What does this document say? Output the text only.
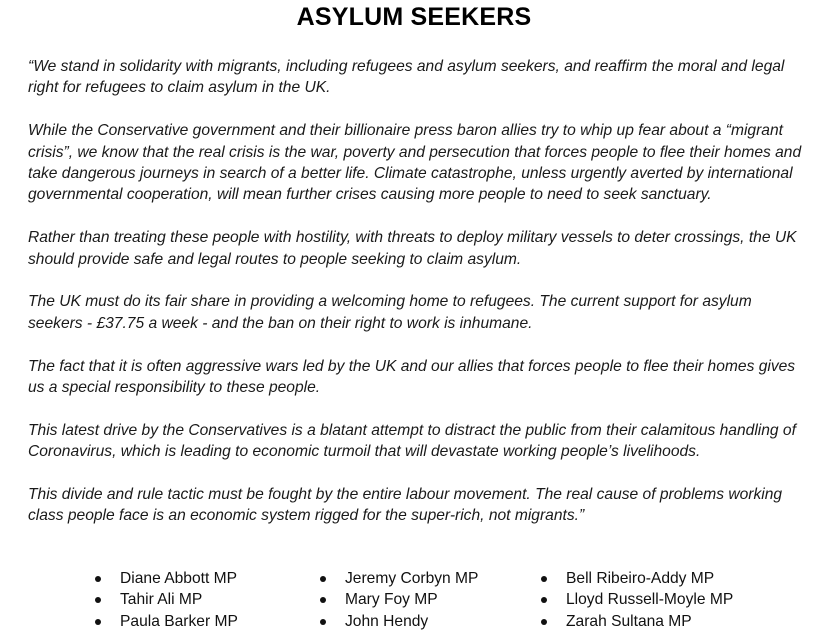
ASYLUM SEEKERS

“We stand in solidarity with migrants, including refugees and asylum seekers, and reaffirm the moral and legal right for refugees to claim asylum in the UK.

While the Conservative government and their billionaire press baron allies try to whip up fear about a “migrant crisis”, we know that the real crisis is the war, poverty and persecution that forces people to flee their homes and take dangerous journeys in search of a better life. Climate catastrophe, unless urgently averted by international governmental cooperation, will mean further crises causing more people to need to seek sanctuary.

Rather than treating these people with hostility, with threats to deploy military vessels to deter crossings, the UK should provide safe and legal routes to people seeking to claim asylum.

The UK must do its fair share in providing a welcoming home to refugees. The current support for asylum seekers - £37.75 a week - and the ban on their right to work is inhumane.

The fact that it is often aggressive wars led by the UK and our allies that forces people to flee their homes gives us a special responsibility to these people.

This latest drive by the Conservatives is a blatant attempt to distract the public from their calamitous handling of Coronavirus, which is leading to economic turmoil that will devastate working people’s livelihoods.

This divide and rule tactic must be fought by the entire labour movement. The real cause of problems working class people face is an economic system rigged for the super-rich, not migrants.”

Diane Abbott MP
Tahir Ali MP
Paula Barker MP
Jeremy Corbyn MP
Mary Foy MP
John Hendy
Bell Ribeiro-Addy MP
Lloyd Russell-Moyle MP
Zarah Sultana MP
